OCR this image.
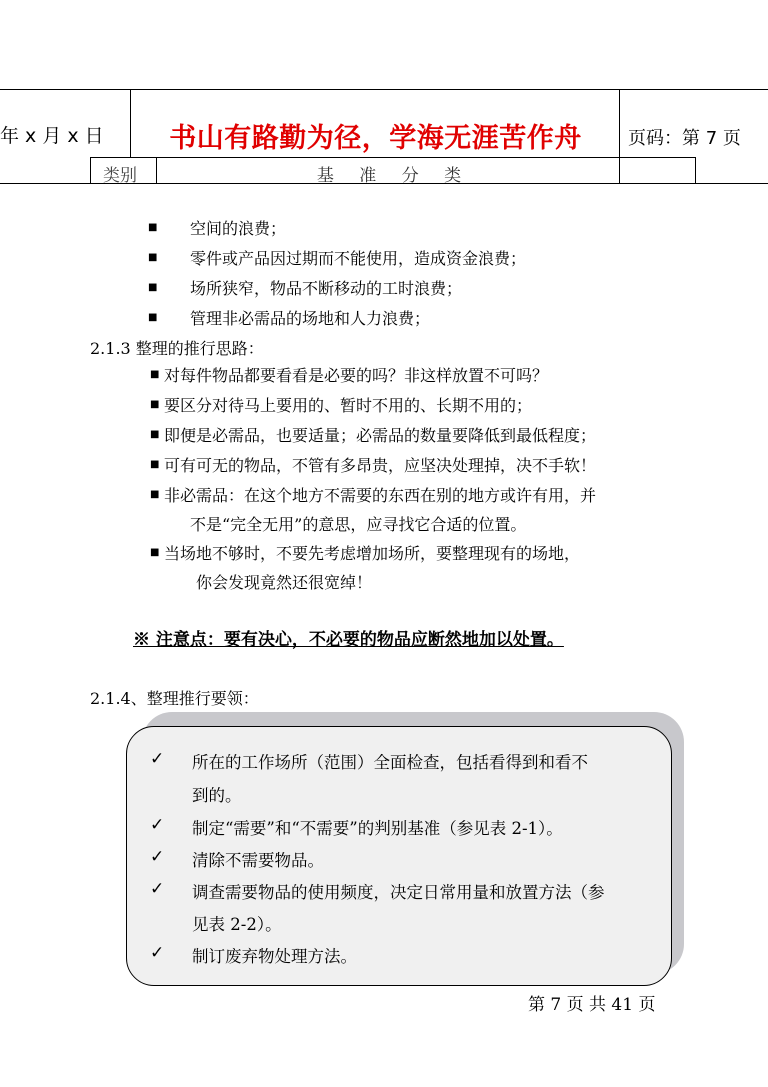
年 x 月 x 日	书山有路勤为径，学海无涯苦作舟	页码：第 7 页
类别	基 准 分 类
■ 空间的浪费；
■ 零件或产品因过期而不能使用，造成资金浪费；
■ 场所狭窄，物品不断移动的工时浪费；
■ 管理非必需品的场地和人力浪费；
2.1.3 整理的推行思路：
■ 对每件物品都要看看是必要的吗？非这样放置不可吗？
■ 要区分对待马上要用的、暂时不用的、长期不用的；
■ 即便是必需品，也要适量；必需品的数量要降低到最低程度；
■ 可有可无的物品，不管有多昂贵，应坚决处理掉，决不手软！
■ 非必需品：在这个地方不需要的东西在别的地方或许有用，并
不是“完全无用”的意思，应寻找它合适的位置。
■ 当场地不够时，不要先考虑增加场所，要整理现有的场地，
你会发现竟然还很宽绰！
※ 注意点：要有决心，不必要的物品应断然地加以处置。
2.1.4、整理推行要领：
✓ 所在的工作场所（范围）全面检查，包括看得到和看不
到的。
✓ 制定“需要”和“不需要”的判别基准（参见表 2-1）。
✓ 清除不需要物品。
✓ 调查需要物品的使用频度，决定日常用量和放置方法（参
见表 2-2）。
✓ 制订废弃物处理方法。
第 7 页 共 41 页
